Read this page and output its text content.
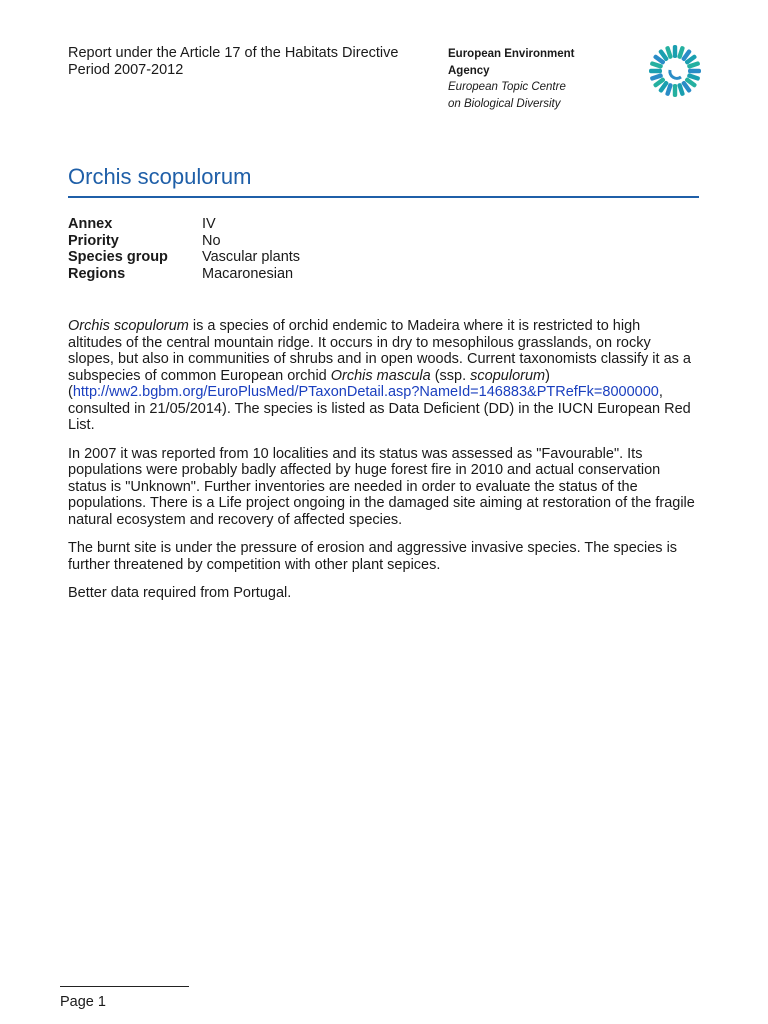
Report under the Article 17 of the Habitats Directive
Period 2007-2012
European Environment
Agency
European Topic Centre
on Biological Diversity
Orchis scopulorum
Annex	IV
Priority	No
Species group	Vascular plants
Regions	Macaronesian

Orchis scopulorum is a species of orchid endemic to Madeira where it is restricted to high altitudes of the central mountain ridge. It occurs in dry to mesophilous grasslands, on rocky slopes, but also in communities of shrubs and in open woods. Current taxonomists classify it as a subspecies of common European orchid Orchis mascula (ssp. scopulorum)
(http://ww2.bgbm.org/EuroPlusMed/PTaxonDetail.asp?NameId=146883&PTRefFk=8000000, consulted in 21/05/2014). The species is listed as Data Deficient (DD) in the IUCN European Red List.

In 2007 it was reported from 10 localities and its status was assessed as "Favourable". Its populations were probably badly affected by huge forest fire in 2010 and actual conservation status is "Unknown". Further inventories are needed in order to evaluate the status of the populations. There is a Life project ongoing in the damaged site aiming at restoration of the fragile natural ecosystem and recovery of affected species.

The burnt site is under the pressure of erosion and aggressive invasive species. The species is further threatened by competition with other plant sepices.

Better data required from Portugal.

Page 1
